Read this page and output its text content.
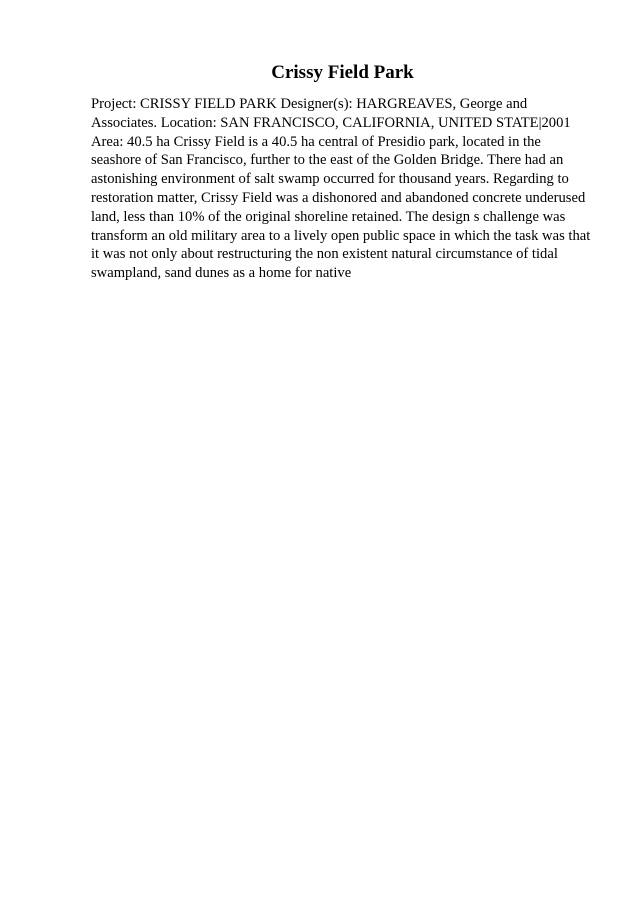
Crissy Field Park
Project: CRISSY FIELD PARK Designer(s): HARGREAVES, George and
Associates. Location: SAN FRANCISCO, CALIFORNIA, UNITED STATE|2001
Area: 40.5 ha Crissy Field is a 40.5 ha central of Presidio park, located in the
seashore of San Francisco, further to the east of the Golden Bridge. There had an
astonishing environment of salt swamp occurred for thousand years. Regarding to
restoration matter, Crissy Field was a dishonored and abandoned concrete underused
land, less than 10% of the original shoreline retained. The design s challenge was
transform an old military area to a lively open public space in which the task was that
it was not only about restructuring the non existent natural circumstance of tidal
swampland, sand dunes as a home for native
